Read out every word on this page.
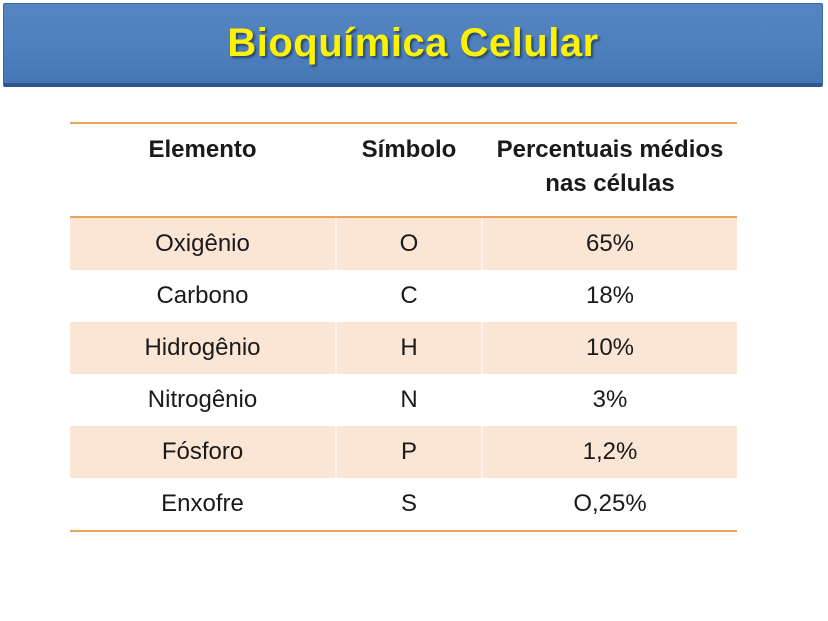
Bioquímica Celular
Elemento	Símbolo	Percentuais médios nas células
Oxigênio	O	65%
Carbono	C	18%
Hidrogênio	H	10%
Nitrogênio	N	3%
Fósforo	P	1,2%
Enxofre	S	O,25%
